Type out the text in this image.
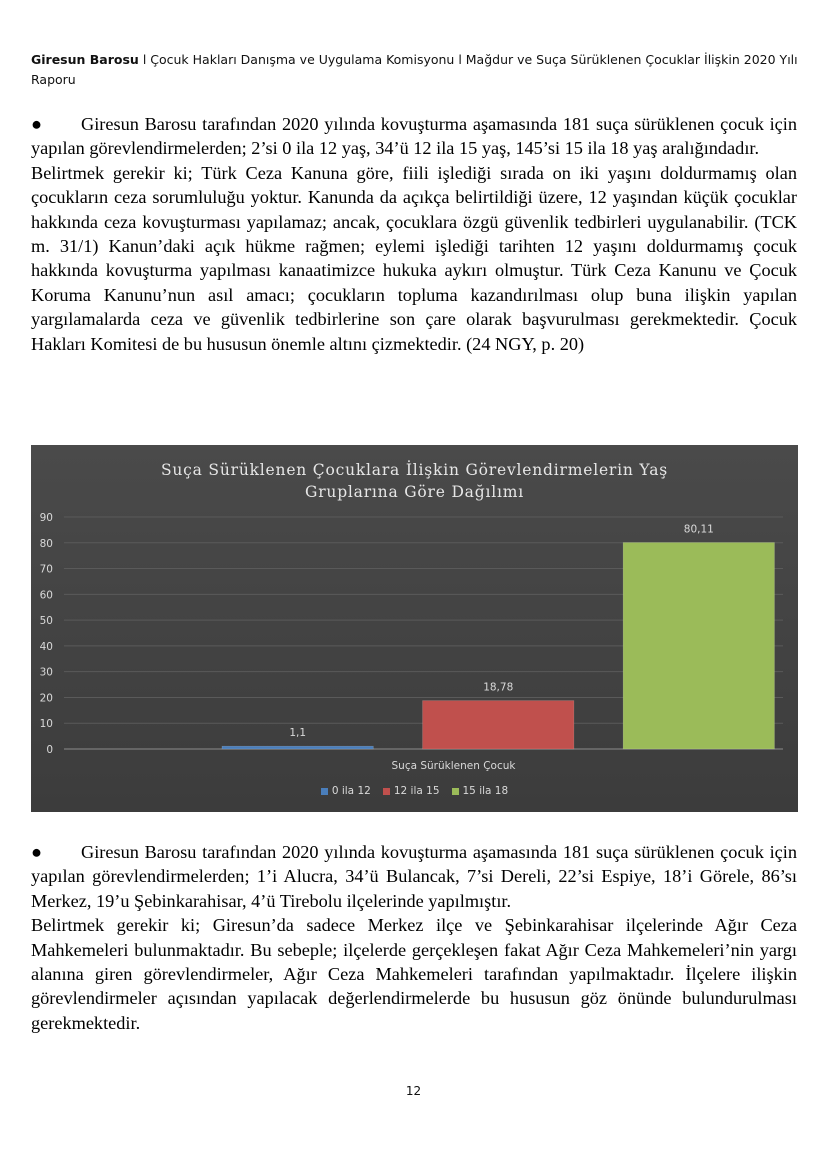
Giresun Barosu l Çocuk Hakları Danışma ve Uygulama Komisyonu l Mağdur ve Suça Sürüklenen Çocuklar İlişkin 2020 Yılı Raporu

● Giresun Barosu tarafından 2020 yılında kovuşturma aşamasında 181 suça sürüklenen çocuk için yapılan görevlendirmelerden; 2’si 0 ila 12 yaş, 34’ü 12 ila 15 yaş, 145’si 15 ila 18 yaş aralığındadır.

Belirtmek gerekir ki; Türk Ceza Kanuna göre, fiili işlediği sırada on iki yaşını doldurmamış olan çocukların ceza sorumluluğu yoktur. Kanunda da açıkça belirtildiği üzere, 12 yaşından küçük çocuklar hakkında ceza kovuşturması yapılamaz; ancak, çocuklara özgü güvenlik tedbirleri uygulanabilir. (TCK m. 31/1) Kanun’daki açık hükme rağmen; eylemi işlediği tarihten 12 yaşını doldurmamış çocuk hakkında kovuşturma yapılması kanaatimizce hukuka aykırı olmuştur. Türk Ceza Kanunu ve Çocuk Koruma Kanunu’nun asıl amacı; çocukların topluma kazandırılması olup buna ilişkin yapılan yargılamalarda ceza ve güvenlik tedbirlerine son çare olarak başvurulması gerekmektedir. Çocuk Hakları Komitesi de bu hususun önemle altını çizmektedir. (24 NGY, p. 20)

Suça Sürüklenen Çocuklara İlişkin Görevlendirmelerin Yaş
Gruplarına Göre Dağılımı
0
10
20
30
40
50
60
70
80
90
1,1
18,78
80,11
Suça Sürüklenen Çocuk
0 ila 12 12 ila 15 15 ila 18

● Giresun Barosu tarafından 2020 yılında kovuşturma aşamasında 181 suça sürüklenen çocuk için yapılan görevlendirmelerden; 1’i Alucra, 34’ü Bulancak, 7’si Dereli, 22’si Espiye, 18’i Görele, 86’sı Merkez, 19’u Şebinkarahisar, 4’ü Tirebolu ilçelerinde yapılmıştır.

Belirtmek gerekir ki; Giresun’da sadece Merkez ilçe ve Şebinkarahisar ilçelerinde Ağır Ceza Mahkemeleri bulunmaktadır. Bu sebeple; ilçelerde gerçekleşen fakat Ağır Ceza Mahkemeleri’nin yargı alanına giren görevlendirmeler, Ağır Ceza Mahkemeleri tarafından yapılmaktadır. İlçelere ilişkin görevlendirmeler açısından yapılacak değerlendirmelerde bu hususun göz önünde bulundurulması gerekmektedir.

12
